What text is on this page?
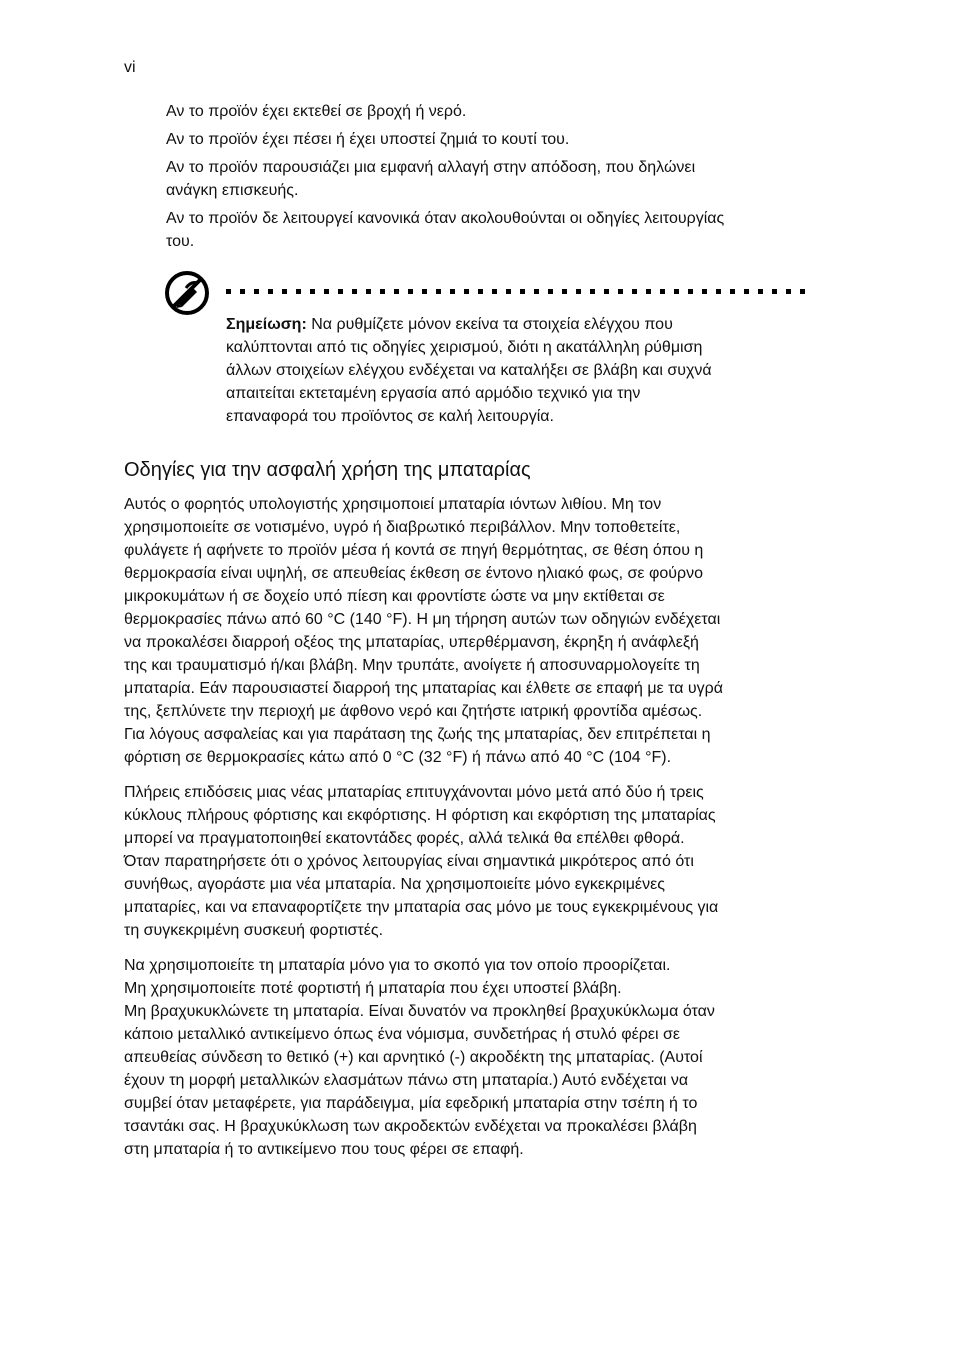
vi

Αν το προϊόν έχει εκτεθεί σε βροχή ή νερό.

Αν το προϊόν έχει πέσει ή έχει υποστεί ζημιά το κουτί του.

Αν το προϊόν παρουσιάζει μια εμφανή αλλαγή στην απόδοση, που δηλώνει
ανάγκη επισκευής.

Αν το προϊόν δε λειτουργεί κανονικά όταν ακολουθούνται οι οδηγίες λειτουργίας
του.

Σημείωση: Να ρυθμίζετε μόνον εκείνα τα στοιχεία ελέγχου που
καλύπτονται από τις οδηγίες χειρισμού, διότι η ακατάλληλη ρύθμιση
άλλων στοιχείων ελέγχου ενδέχεται να καταλήξει σε βλάβη και συχνά
απαιτείται εκτεταμένη εργασία από αρμόδιο τεχνικό για την
επαναφορά του προϊόντος σε καλή λειτουργία.
Οδηγίες για την ασφαλή χρήση της μπαταρίας

Αυτός ο φορητός υπολογιστής χρησιμοποιεί μπαταρία ιόντων λιθίου. Μη τον
χρησιμοποιείτε σε νοτισμένο, υγρό ή διαβρωτικό περιβάλλον. Μην τοποθετείτε,
φυλάγετε ή αφήνετε το προϊόν μέσα ή κοντά σε πηγή θερμότητας, σε θέση όπου η
θερμοκρασία είναι υψηλή, σε απευθείας έκθεση σε έντονο ηλιακό φως, σε φούρνο
μικροκυμάτων ή σε δοχείο υπό πίεση και φροντίστε ώστε να μην εκτίθεται σε
θερμοκρασίες πάνω από 60 °C (140 °F). Η μη τήρηση αυτών των οδηγιών ενδέχεται
να προκαλέσει διαρροή οξέος της μπαταρίας, υπερθέρμανση, έκρηξη ή ανάφλεξή
της και τραυματισμό ή/και βλάβη. Μην τρυπάτε, ανοίγετε ή αποσυναρμολογείτε τη
μπαταρία. Εάν παρουσιαστεί διαρροή της μπαταρίας και έλθετε σε επαφή με τα υγρά
της, ξεπλύνετε την περιοχή με άφθονο νερό και ζητήστε ιατρική φροντίδα αμέσως.
Για λόγους ασφαλείας και για παράταση της ζωής της μπαταρίας, δεν επιτρέπεται η
φόρτιση σε θερμοκρασίες κάτω από 0 °C (32 °F) ή πάνω από 40 °C (104 °F).

Πλήρεις επιδόσεις μιας νέας μπαταρίας επιτυγχάνονται μόνο μετά από δύο ή τρεις
κύκλους πλήρους φόρτισης και εκφόρτισης. Η φόρτιση και εκφόρτιση της μπαταρίας
μπορεί να πραγματοποιηθεί εκατοντάδες φορές, αλλά τελικά θα επέλθει φθορά.
Όταν παρατηρήσετε ότι ο χρόνος λειτουργίας είναι σημαντικά μικρότερος από ότι
συνήθως, αγοράστε μια νέα μπαταρία. Να χρησιμοποιείτε μόνο εγκεκριμένες
μπαταρίες, και να επαναφορτίζετε την μπαταρία σας μόνο με τους εγκεκριμένους για
τη συγκεκριμένη συσκευή φορτιστές.

Να χρησιμοποιείτε τη μπαταρία μόνο για το σκοπό για τον οποίο προορίζεται.
Μη χρησιμοποιείτε ποτέ φορτιστή ή μπαταρία που έχει υποστεί βλάβη.
Μη βραχυκυκλώνετε τη μπαταρία. Είναι δυνατόν να προκληθεί βραχυκύκλωμα όταν
κάποιο μεταλλικό αντικείμενο όπως ένα νόμισμα, συνδετήρας ή στυλό φέρει σε
απευθείας σύνδεση το θετικό (+) και αρνητικό (-) ακροδέκτη της μπαταρίας. (Αυτοί
έχουν τη μορφή μεταλλικών ελασμάτων πάνω στη μπαταρία.) Αυτό ενδέχεται να
συμβεί όταν μεταφέρετε, για παράδειγμα, μία εφεδρική μπαταρία στην τσέπη ή το
τσαντάκι σας. Η βραχυκύκλωση των ακροδεκτών ενδέχεται να προκαλέσει βλάβη
στη μπαταρία ή το αντικείμενο που τους φέρει σε επαφή.
